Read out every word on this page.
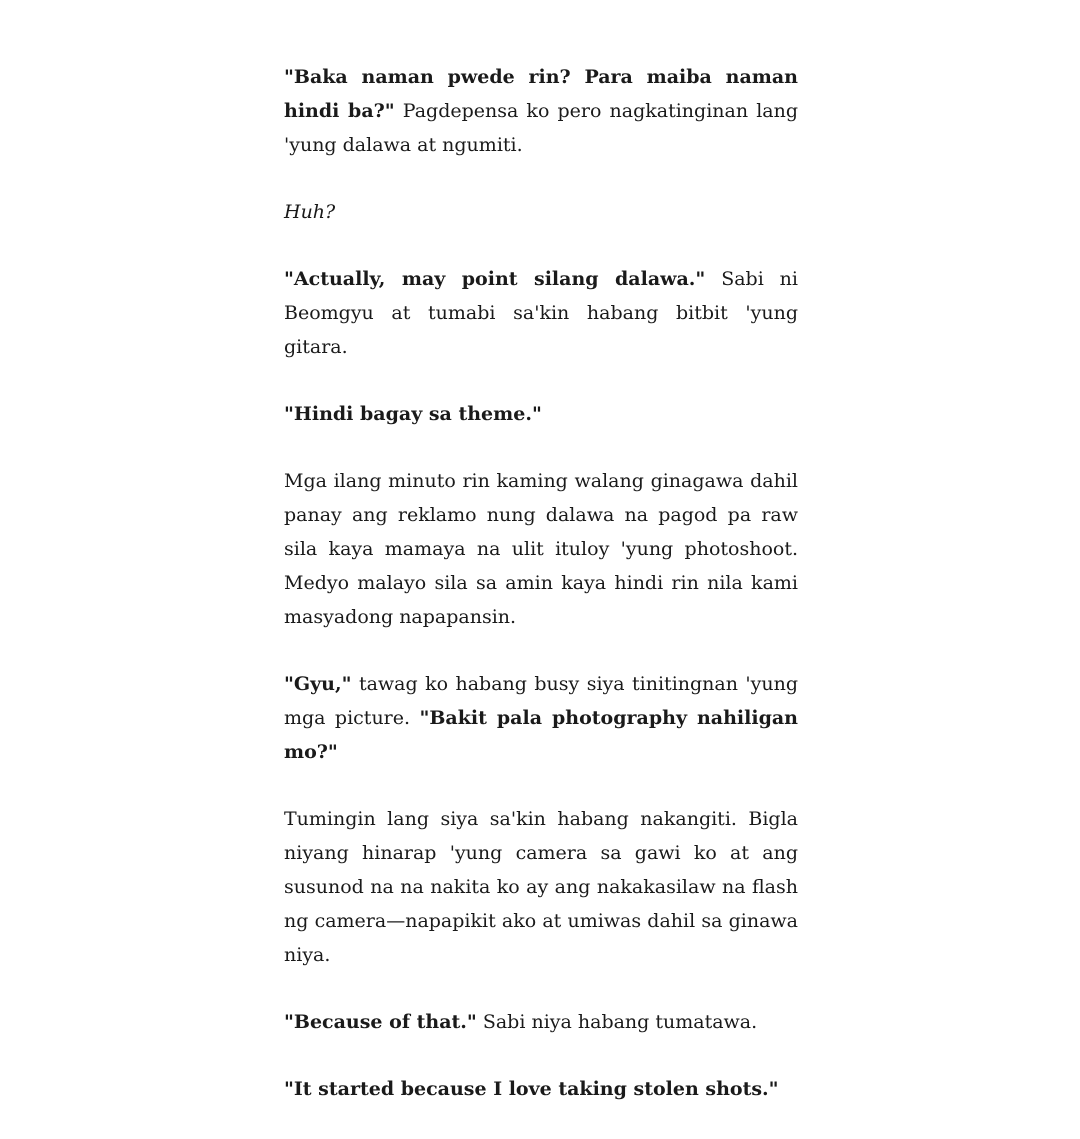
"Baka naman pwede rin? Para maiba naman hindi ba?" Pagdepensa ko pero nagkatinginan lang 'yung dalawa at ngumiti.

Huh?

"Actually, may point silang dalawa." Sabi ni Beomgyu at tumabi sa'kin habang bitbit 'yung gitara.

"Hindi bagay sa theme."

Mga ilang minuto rin kaming walang ginagawa dahil panay ang reklamo nung dalawa na pagod pa raw sila kaya mamaya na ulit ituloy 'yung photoshoot. Medyo malayo sila sa amin kaya hindi rin nila kami masyadong napapansin.

"Gyu," tawag ko habang busy siya tinitingnan 'yung mga picture. "Bakit pala photography nahiligan mo?"

Tumingin lang siya sa'kin habang nakangiti. Bigla niyang hinarap 'yung camera sa gawi ko at ang susunod na na nakita ko ay ang nakakasilaw na flash ng camera—napapikit ako at umiwas dahil sa ginawa niya.

"Because of that." Sabi niya habang tumatawa.

"It started because I love taking stolen shots."
